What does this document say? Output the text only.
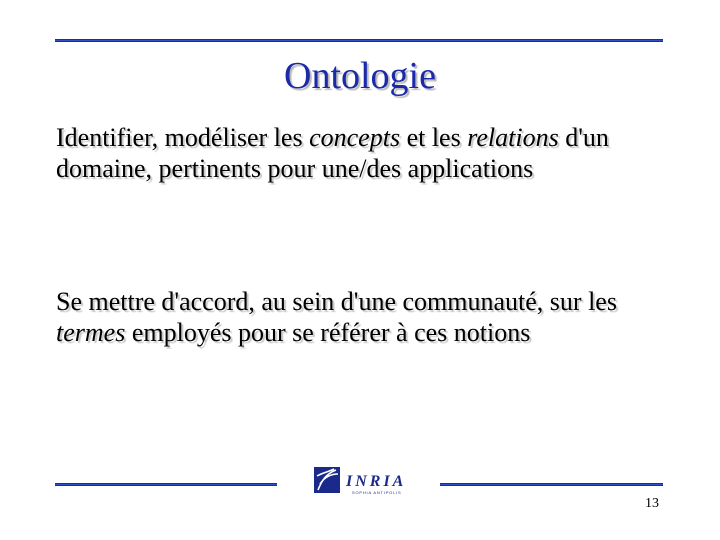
Ontologie

Identifier, modéliser les concepts et les relations d'un domaine, pertinents pour une/des applications

Se mettre d'accord, au sein d'une communauté, sur les termes employés pour se référer à ces notions

INRIA
SOPHIA ANTIPOLIS
13
